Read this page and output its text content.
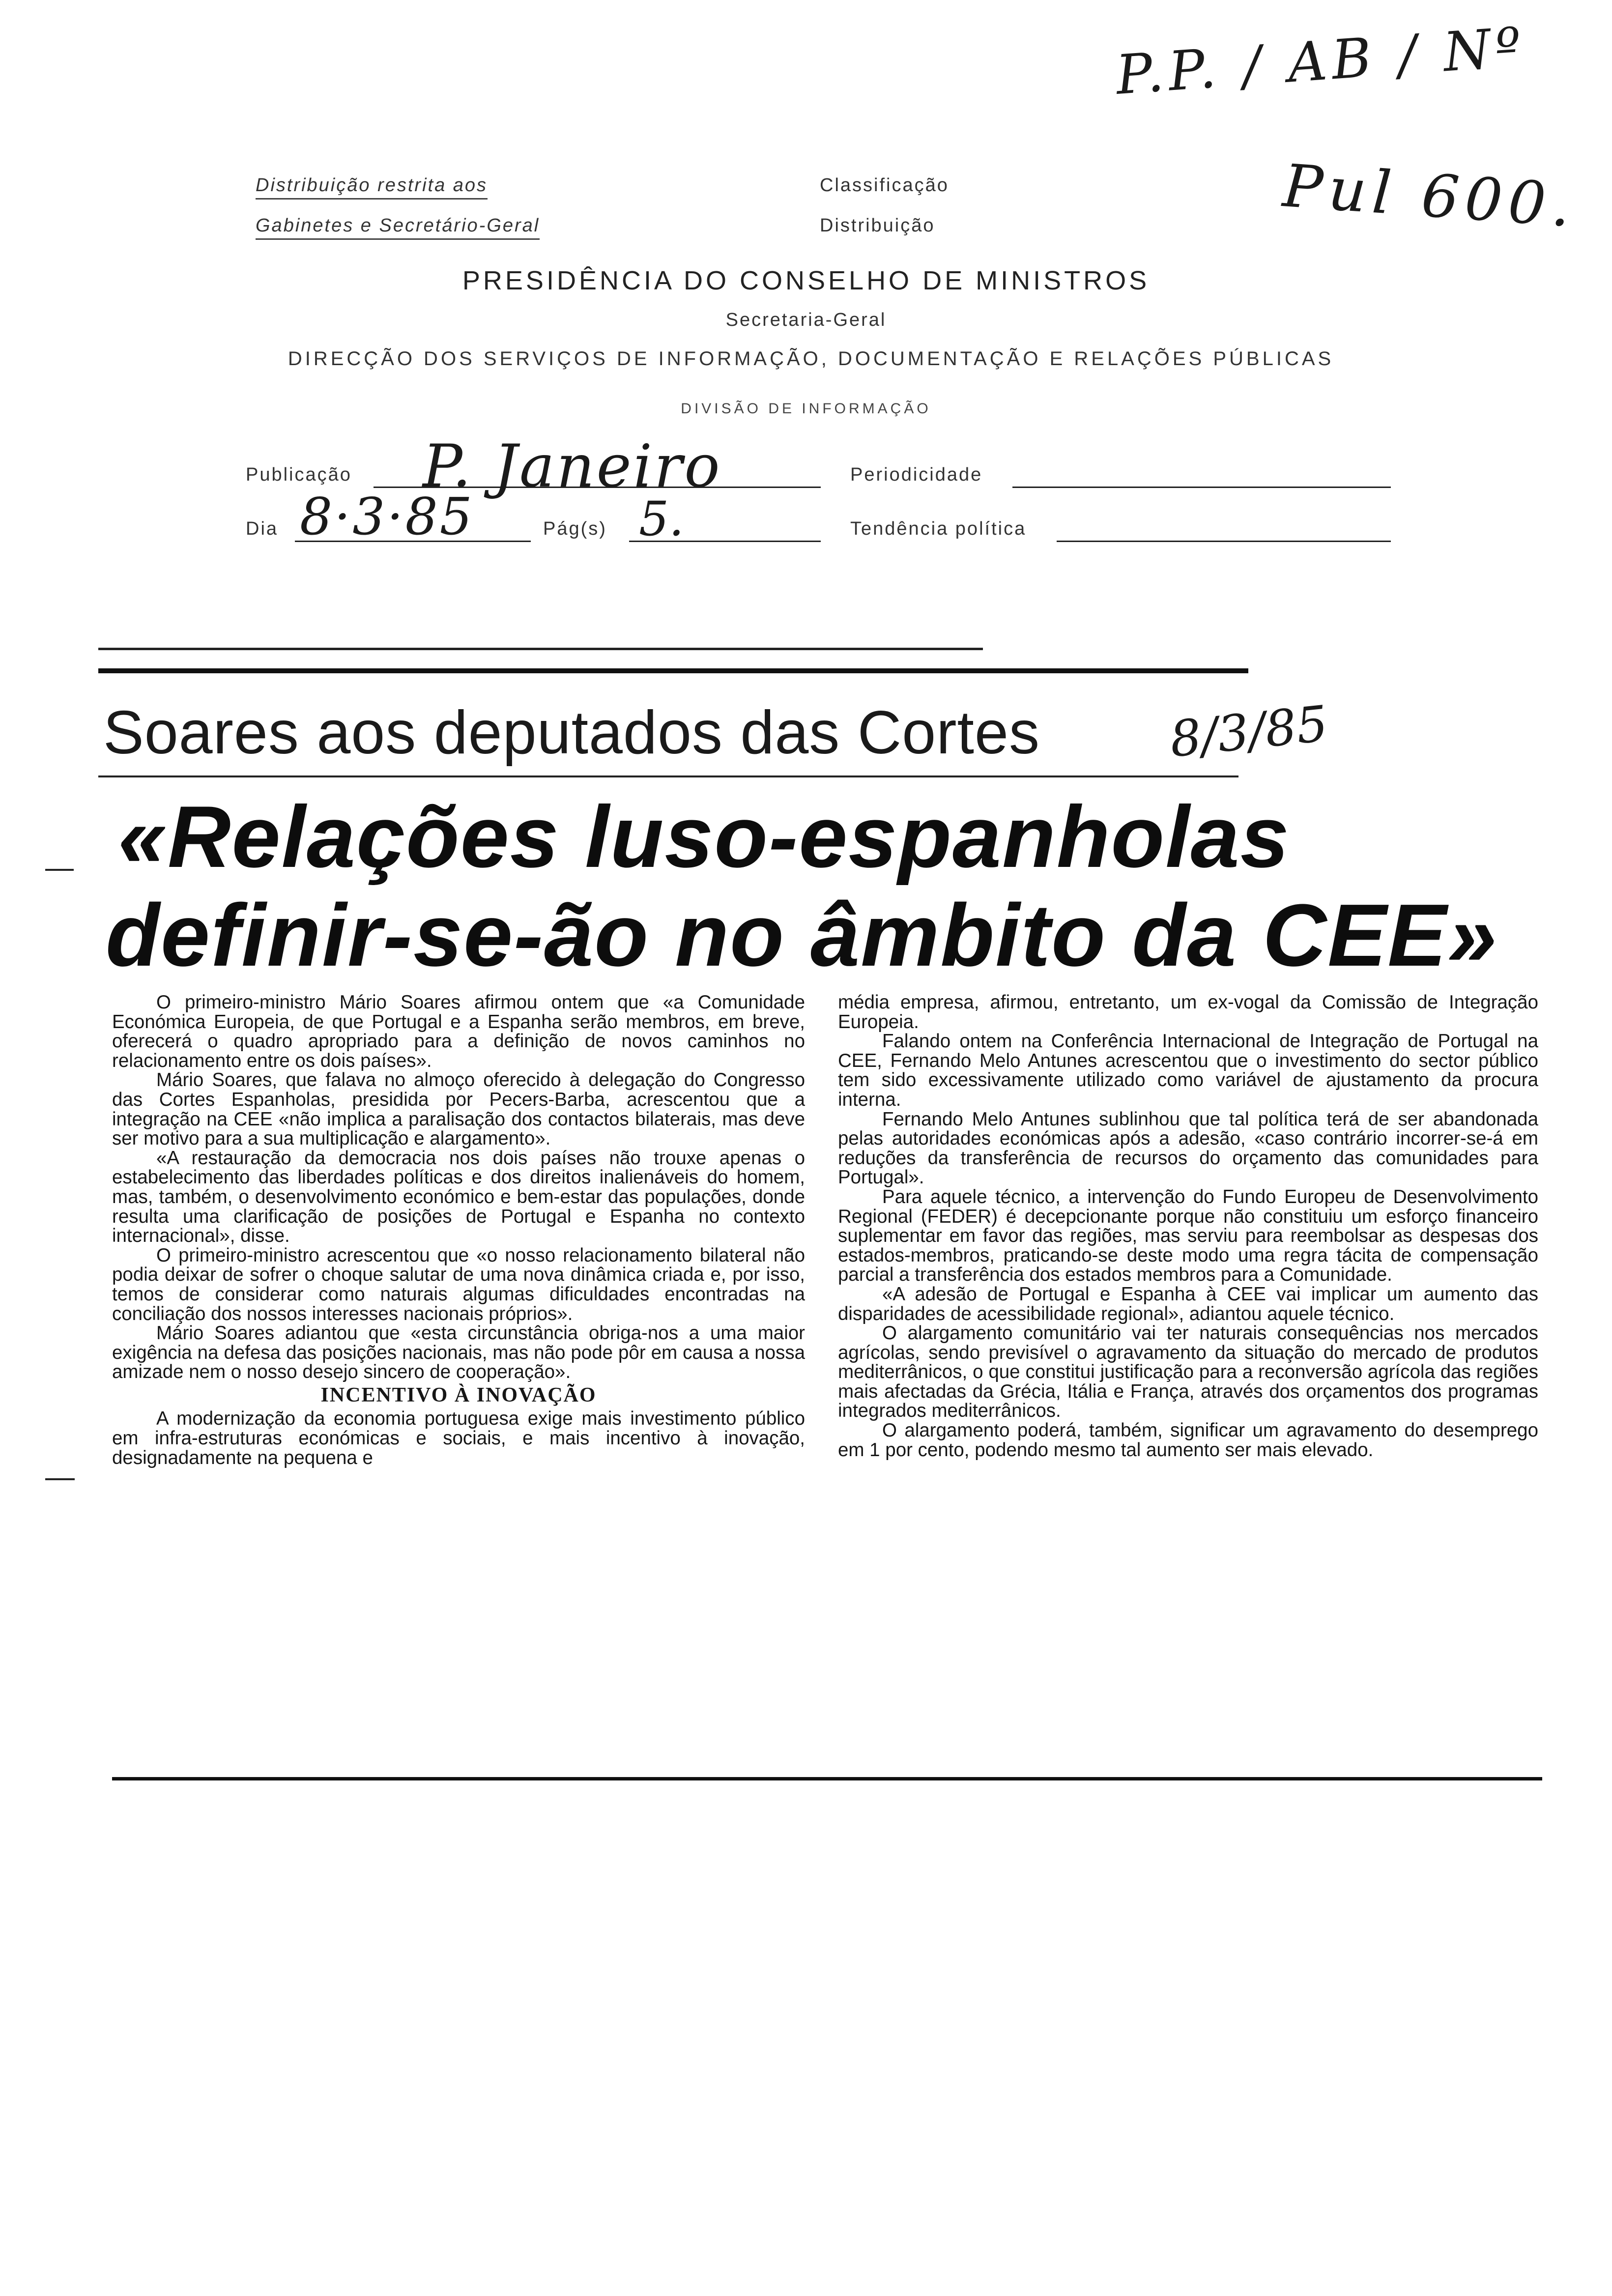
P.P. / AB / Nº
Pul 600.
Distribuição restrita aos
Gabinetes e Secretário-Geral
Classificação
Distribuição
PRESIDÊNCIA DO CONSELHO DE MINISTROS
Secretaria-Geral
DIRECÇÃO DOS SERVIÇOS DE INFORMAÇÃO, DOCUMENTAÇÃO E RELAÇÕES PÚBLICAS
DIVISÃO DE INFORMAÇÃO
Publicação P. Janeiro	Periodicidade
Dia 8·3·85	Pág(s) 5.	Tendência política
Soares aos deputados das Cortes	8/3/85
«Relações luso-espanholas
definir-se-ão no âmbito da CEE»

O primeiro-ministro Mário Soares afirmou ontem que «a Comunidade Económica Europeia, de que Portugal e a Espanha serão membros, em breve, oferecerá o quadro apropriado para a definição de novos caminhos no relacionamento entre os dois países».

Mário Soares, que falava no almoço oferecido à delegação do Congresso das Cortes Espanholas, presidida por Pecers-Barba, acrescentou que a integração na CEE «não implica a paralisação dos contactos bilaterais, mas deve ser motivo para a sua multiplicação e alargamento».

«A restauração da democracia nos dois países não trouxe apenas o estabelecimento das liberdades políticas e dos direitos inalienáveis do homem, mas, também, o desenvolvimento económico e bem-estar das populações, donde resulta uma clarificação de posições de Portugal e Espanha no contexto internacional», disse.

O primeiro-ministro acrescentou que «o nosso relacionamento bilateral não podia deixar de sofrer o choque salutar de uma nova dinâmica criada e, por isso, temos de considerar como naturais algumas dificuldades encontradas na conciliação dos nossos interesses nacionais próprios».

Mário Soares adiantou que «esta circunstância obriga-nos a uma maior exigência na defesa das posições nacionais, mas não pode pôr em causa a nossa amizade nem o nosso desejo sincero de cooperação».

INCENTIVO À INOVAÇÃO

A modernização da economia portuguesa exige mais investimento público em infra-estruturas económicas e sociais, e mais incentivo à inovação, designadamente na pequena e

média empresa, afirmou, entretanto, um ex-vogal da Comissão de Integração Europeia.

Falando ontem na Conferência Internacional de Integração de Portugal na CEE, Fernando Melo Antunes acrescentou que o investimento do sector público tem sido excessivamente utilizado como variável de ajustamento da procura interna.

Fernando Melo Antunes sublinhou que tal política terá de ser abandonada pelas autoridades económicas após a adesão, «caso contrário incorrer-se-á em reduções da transferência de recursos do orçamento das comunidades para Portugal».

Para aquele técnico, a intervenção do Fundo Europeu de Desenvolvimento Regional (FEDER) é decepcionante porque não constituiu um esforço financeiro suplementar em favor das regiões, mas serviu para reembolsar as despesas dos estados-membros, praticando-se deste modo uma regra tácita de compensação parcial a transferência dos estados membros para a Comunidade.

«A adesão de Portugal e Espanha à CEE vai implicar um aumento das disparidades de acessibilidade regional», adiantou aquele técnico.

O alargamento comunitário vai ter naturais consequências nos mercados agrícolas, sendo previsível o agravamento da situação do mercado de produtos mediterrânicos, o que constitui justificação para a reconversão agrícola das regiões mais afectadas da Grécia, Itália e França, através dos orçamentos dos programas integrados mediterrânicos.

O alargamento poderá, também, significar um agravamento do desemprego em 1 por cento, podendo mesmo tal aumento ser mais elevado.
